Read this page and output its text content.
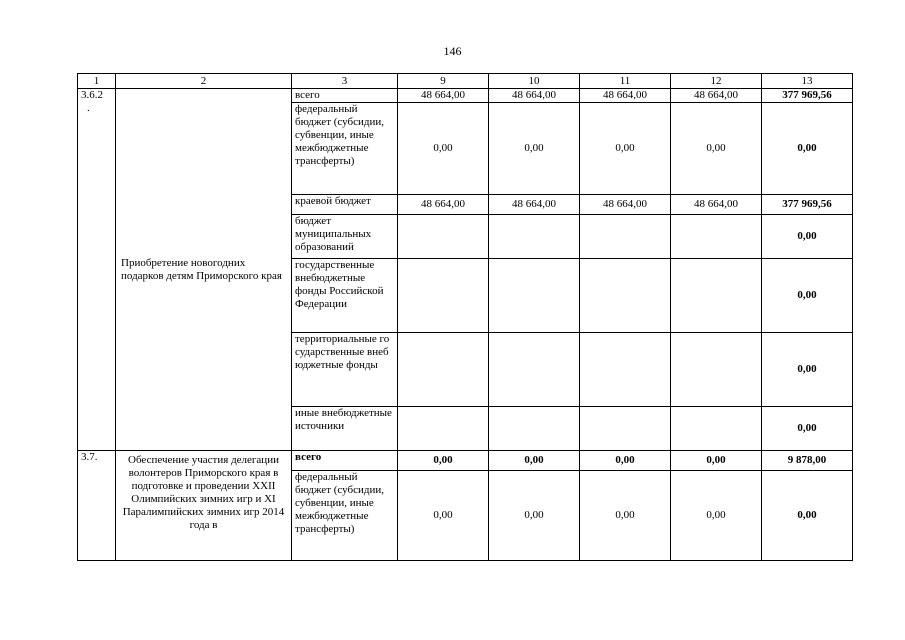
146
1	2	3	9	10	11	12	13
3.6.2
.	Приобретение новогодних подарков детям Приморского края	всего	48 664,00	48 664,00	48 664,00	48 664,00	377 969,56
		федеральный бюджет (субсидии, субвенции, иные межбюджетные трансферты)	0,00	0,00	0,00	0,00	0,00
		краевой бюджет	48 664,00	48 664,00	48 664,00	48 664,00	377 969,56
		бюджет муниципальных образований					0,00
		государственные внебюджетные фонды Российской Федерации					0,00
		территориальные государственные внебюджетные фонды					0,00
		иные внебюджетные источники					0,00
3.7.	Обеспечение участия делегации волонтеров Приморского края в подготовке и проведении XXII Олимпийских зимних игр и XI Паралимпийских зимних игр 2014 года в	всего	0,00	0,00	0,00	0,00	9 878,00
		федеральный бюджет (субсидии, субвенции, иные межбюджетные трансферты)	0,00	0,00	0,00	0,00	0,00
